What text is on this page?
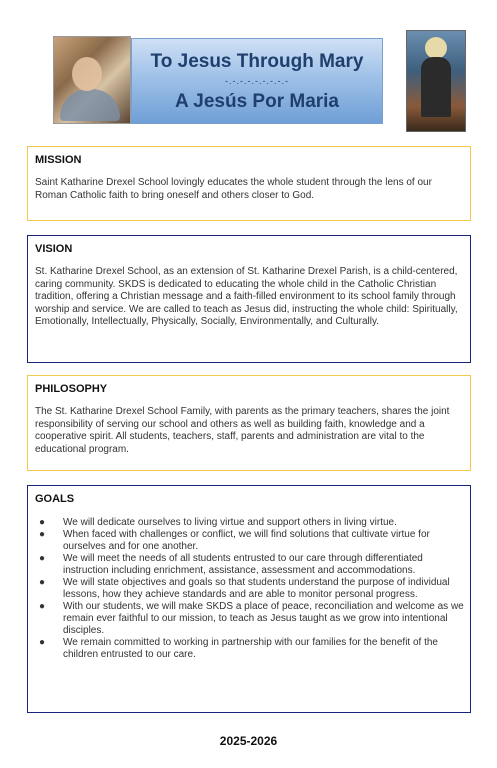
To Jesus Through Mary
-.-.-.-.-.-.-.-.-
A Jesús Por Maria
MISSION
Saint Katharine Drexel School lovingly educates the whole student through the lens of our Roman Catholic faith to bring oneself and others closer to God.
VISION
St. Katharine Drexel School, as an extension of St. Katharine Drexel Parish, is a child-centered, caring community. SKDS is dedicated to educating the whole child in the Catholic Christian tradition, offering a Christian message and a faith-filled environment to its school family through worship and service. We are called to teach as Jesus did, instructing the whole child: Spiritually, Emotionally, Intellectually, Physically, Socially, Environmentally, and Culturally.
PHILOSOPHY
The St. Katharine Drexel School Family, with parents as the primary teachers, shares the joint responsibility of serving our school and others as well as building faith, knowledge and a cooperative spirit. All students, teachers, staff, parents and administration are vital to the educational program.
GOALS
● We will dedicate ourselves to living virtue and support others in living virtue.
● When faced with challenges or conflict, we will find solutions that cultivate virtue for ourselves and for one another.
● We will meet the needs of all students entrusted to our care through differentiated instruction including enrichment, assistance, assessment and accommodations.
● We will state objectives and goals so that students understand the purpose of individual lessons, how they achieve standards and are able to monitor personal progress.
● With our students, we will make SKDS a place of peace, reconciliation and welcome as we remain ever faithful to our mission, to teach as Jesus taught as we grow into intentional disciples.
● We remain committed to working in partnership with our families for the benefit of the children entrusted to our care.
2025-2026
